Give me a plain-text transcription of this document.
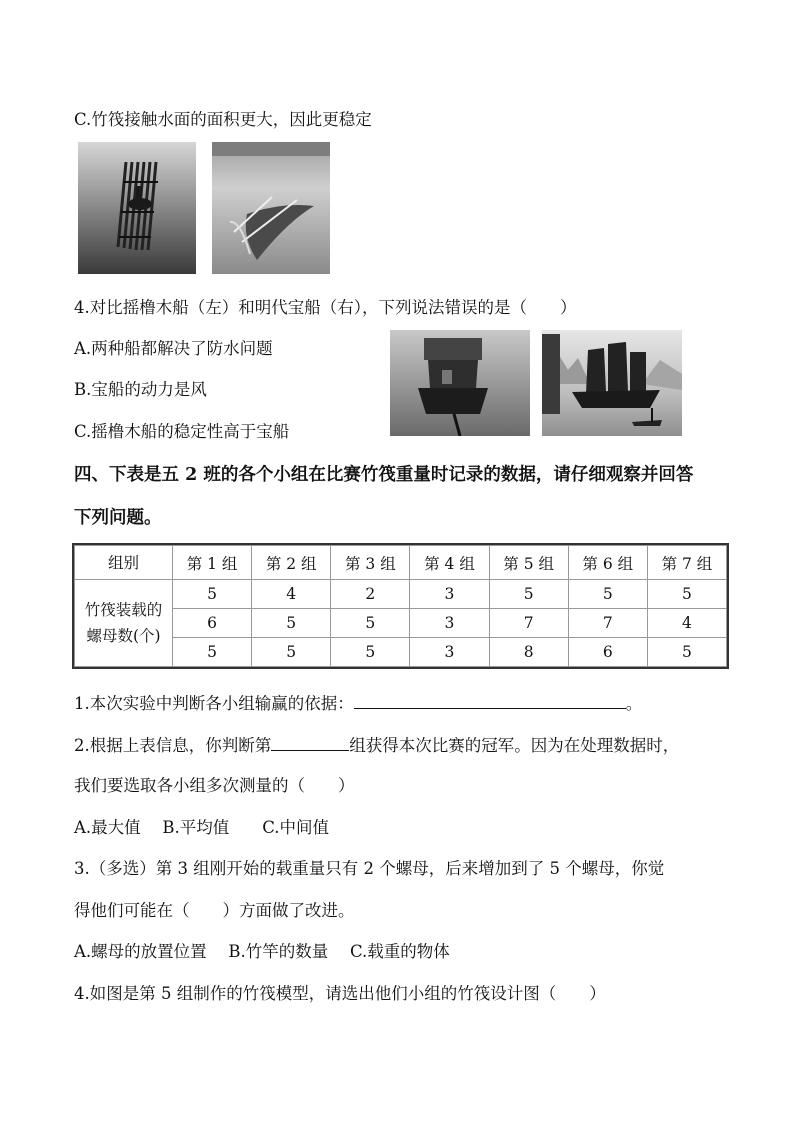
C.竹筏接触水面的面积更大，因此更稳定
4.对比摇橹木船（左）和明代宝船（右），下列说法错误的是（　　）
A.两种船都解决了防水问题
B.宝船的动力是风
C.摇橹木船的稳定性高于宝船
四、下表是五 2 班的各个小组在比赛竹筏重量时记录的数据，请仔细观察并回答
下列问题。
组别	第 1 组	第 2 组	第 3 组	第 4 组	第 5 组	第 6 组	第 7 组

竹筏装载的
螺母数(个)	5	4	2	3	5	5	5
	6	5	5	3	7	7	4
	5	5	5	3	8	6	5
1.本次实验中判断各小组输赢的依据：	。
2.根据上表信息，你判断第	组获得本次比赛的冠军。因为在处理数据时，
我们要选取各小组多次测量的（　　）
A.最大值　 B.平均值　　C.中间值
3.（多选）第 3 组刚开始的载重量只有 2 个螺母，后来增加到了 5 个螺母，你觉
得他们可能在（　　）方面做了改进。
A.螺母的放置位置　 B.竹竿的数量　 C.载重的物体
4.如图是第 5 组制作的竹筏模型，请选出他们小组的竹筏设计图（　　）
